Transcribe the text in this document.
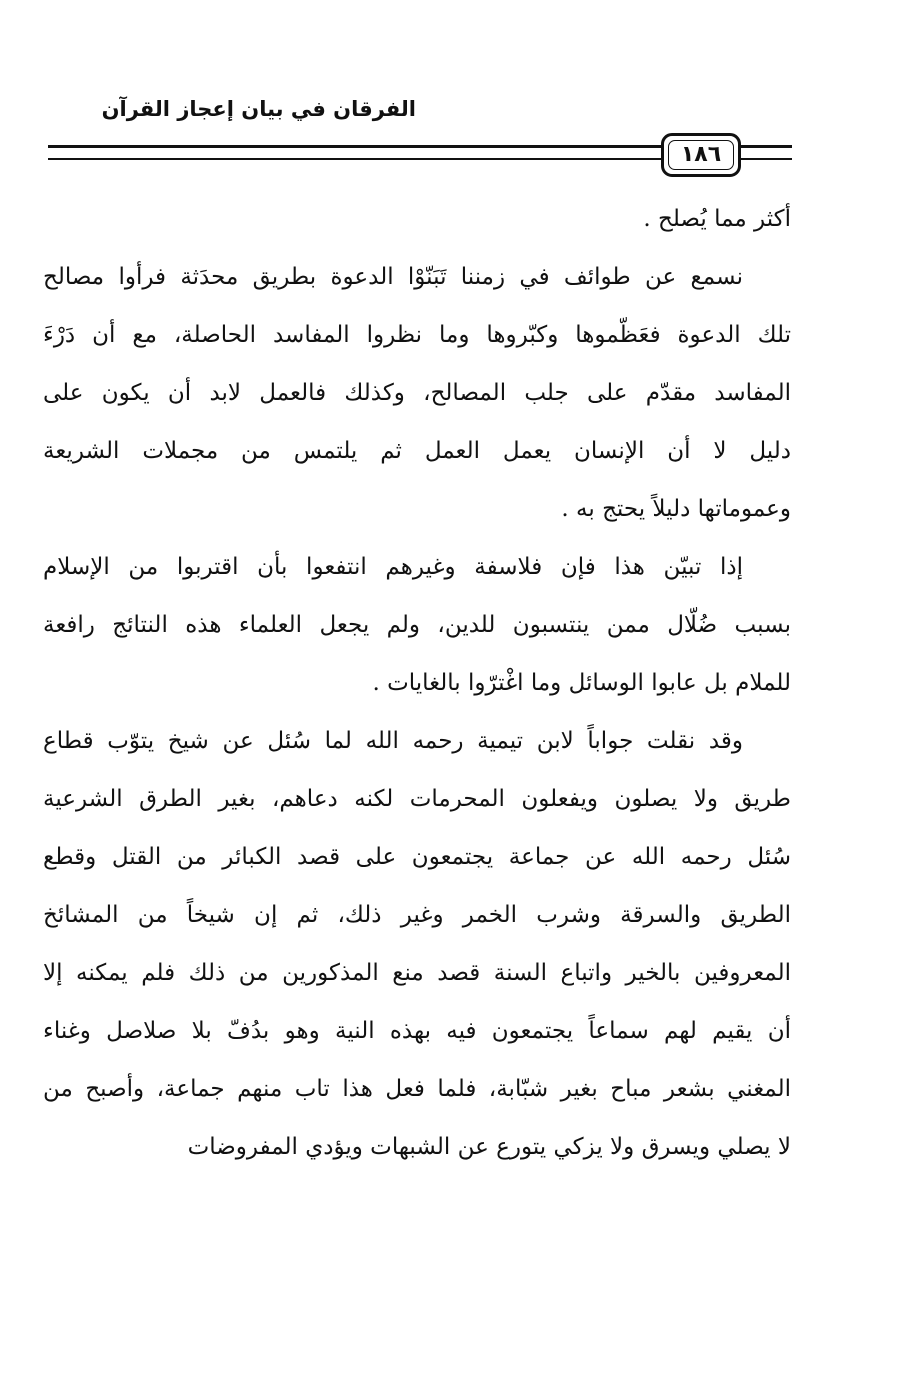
الفرقان في بيان إعجاز القرآن
١٨٦
أكثر مما يُصلح .
نسمع عن طوائف في زمننا تَبَنّوْا الدعوة بطريق محدَثة فرأوا مصالح
تلك الدعوة فعَظّموها وكبّروها وما نظروا المفاسد الحاصلة، مع أن دَرْءَ
المفاسد مقدّم على جلب المصالح، وكذلك فالعمل لابد أن يكون على
دليل لا أن الإنسان يعمل العمل ثم يلتمس من مجملات الشريعة
وعموماتها دليلاً يحتج به .
إذا تبيّن هذا فإن فلاسفة وغيرهم انتفعوا بأن اقتربوا من الإسلام
بسبب ضُلّال ممن ينتسبون للدين، ولم يجعل العلماء هذه النتائج رافعة
للملام بل عابوا الوسائل وما اغْترّوا بالغايات .
وقد نقلت جواباً لابن تيمية رحمه الله لما سُئل عن شيخ يتوّب قطاع
طريق ولا يصلون ويفعلون المحرمات لكنه دعاهم، بغير الطرق الشرعية
سُئل رحمه الله عن جماعة يجتمعون على قصد الكبائر من القتل وقطع
الطريق والسرقة وشرب الخمر وغير ذلك، ثم إن شيخاً من المشائخ
المعروفين بالخير واتباع السنة قصد منع المذكورين من ذلك فلم يمكنه إلا
أن يقيم لهم سماعاً يجتمعون فيه بهذه النية وهو بدُفّ بلا صلاصل وغناء
المغني بشعر مباح بغير شبّابة، فلما فعل هذا تاب منهم جماعة، وأصبح من
لا يصلي ويسرق ولا يزكي يتورع عن الشبهات ويؤدي المفروضات
